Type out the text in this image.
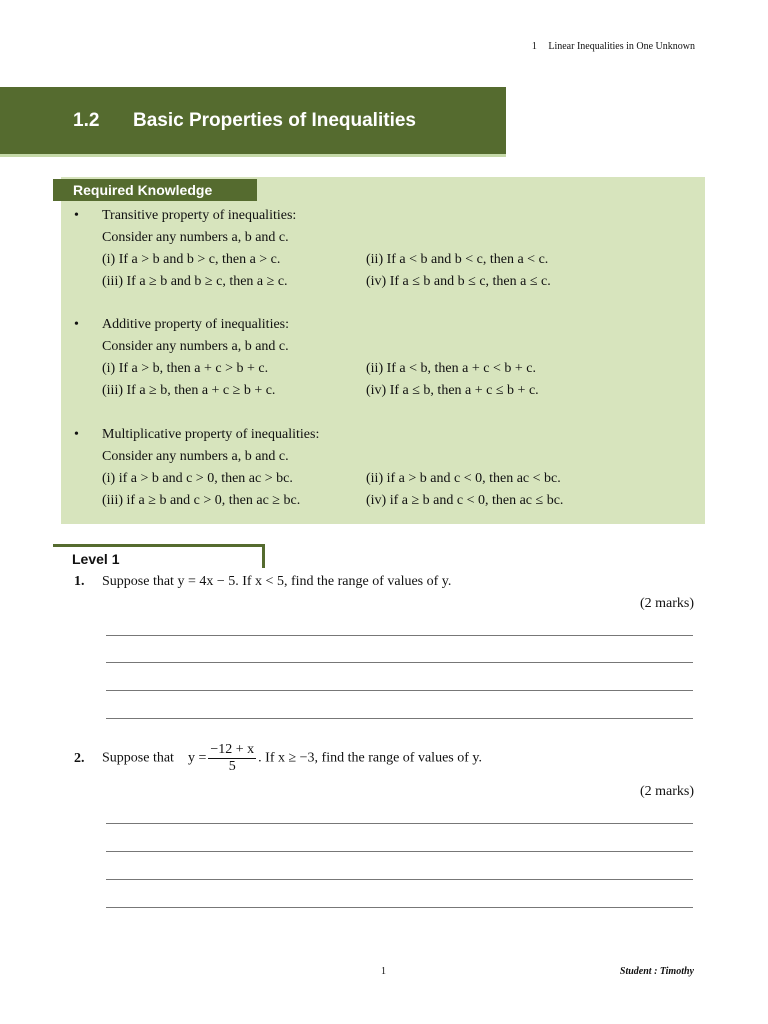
1 Linear Inequalities in One Unknown
1.2	Basic Properties of Inequalities
Required Knowledge
•	Transitive property of inequalities:
Consider any numbers a, b and c.
(i) If a > b and b > c, then a > c.	(ii) If a < b and b < c, then a < c.
(iii) If a ≥ b and b ≥ c, then a ≥ c.	(iv) If a ≤ b and b ≤ c, then a ≤ c.
•	Additive property of inequalities:
Consider any numbers a, b and c.
(i) If a > b, then a + c > b + c.	(ii) If a < b, then a + c < b + c.
(iii) If a ≥ b, then a + c ≥ b + c.	(iv) If a ≤ b, then a + c ≤ b + c.
•	Multiplicative property of inequalities:
Consider any numbers a, b and c.
(i) if a > b and c > 0, then ac > bc.	(ii) if a > b and c < 0, then ac < bc.
(iii) if a ≥ b and c > 0, then ac ≥ bc.	(iv) if a ≥ b and c < 0, then ac ≤ bc.
Level 1
1. Suppose that y = 4x − 5. If x < 5, find the range of values of y.
(2 marks)
2. Suppose that $y = \frac{-12 + x}{5}$ . If x ≥ −3, find the range of values of y.
(2 marks)
1	Student : Timothy
